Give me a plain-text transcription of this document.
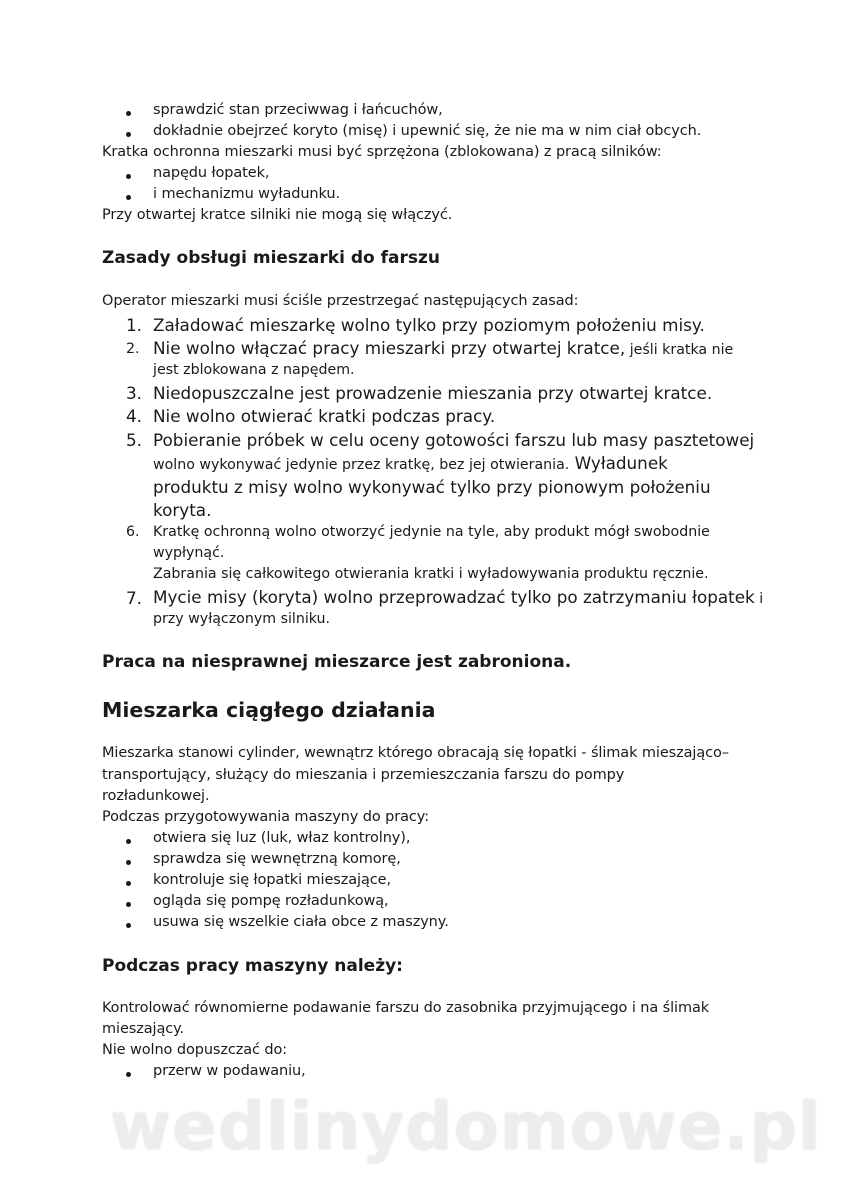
sprawdzić stan przeciwwag i łańcuchów,
dokładnie obejrzeć koryto (misę) i upewnić się, że nie ma w nim ciał obcych.
Kratka ochronna mieszarki musi być sprzężona (zblokowana) z pracą silników:
napędu łopatek,
i mechanizmu wyładunku.
Przy otwartej kratce silniki nie mogą się włączyć.
Zasady obsługi mieszarki do farszu
Operator mieszarki musi ściśle przestrzegać następujących zasad:
1. Załadować mieszarkę wolno tylko przy poziomym położeniu misy.
2. Nie wolno włączać pracy mieszarki przy otwartej kratce, jeśli kratka nie
jest zblokowana z napędem.
3. Niedopuszczalne jest prowadzenie mieszania przy otwartej kratce.
4. Nie wolno otwierać kratki podczas pracy.
5. Pobieranie próbek w celu oceny gotowości farszu lub masy pasztetowej
wolno wykonywać jedynie przez kratkę, bez jej otwierania. Wyładunek
produktu z misy wolno wykonywać tylko przy pionowym położeniu
koryta.
6. Kratkę ochronną wolno otworzyć jedynie na tyle, aby produkt mógł swobodnie
wypłynąć.
Zabrania się całkowitego otwierania kratki i wyładowywania produktu ręcznie.
7. Mycie misy (koryta) wolno przeprowadzać tylko po zatrzymaniu łopatek i
przy wyłączonym silniku.
Praca na niesprawnej mieszarce jest zabroniona.
Mieszarka ciągłego działania
Mieszarka stanowi cylinder, wewnątrz którego obracają się łopatki - ślimak mieszająco–
transportujący, służący do mieszania i przemieszczania farszu do pompy
rozładunkowej.
Podczas przygotowywania maszyny do pracy:
otwiera się luz (luk, właz kontrolny),
sprawdza się wewnętrzną komorę,
kontroluje się łopatki mieszające,
ogląda się pompę rozładunkową,
usuwa się wszelkie ciała obce z maszyny.
Podczas pracy maszyny należy:
Kontrolować równomierne podawanie farszu do zasobnika przyjmującego i na ślimak
mieszający.
Nie wolno dopuszczać do:
przerw w podawaniu,
wedlinydomowe.pl
